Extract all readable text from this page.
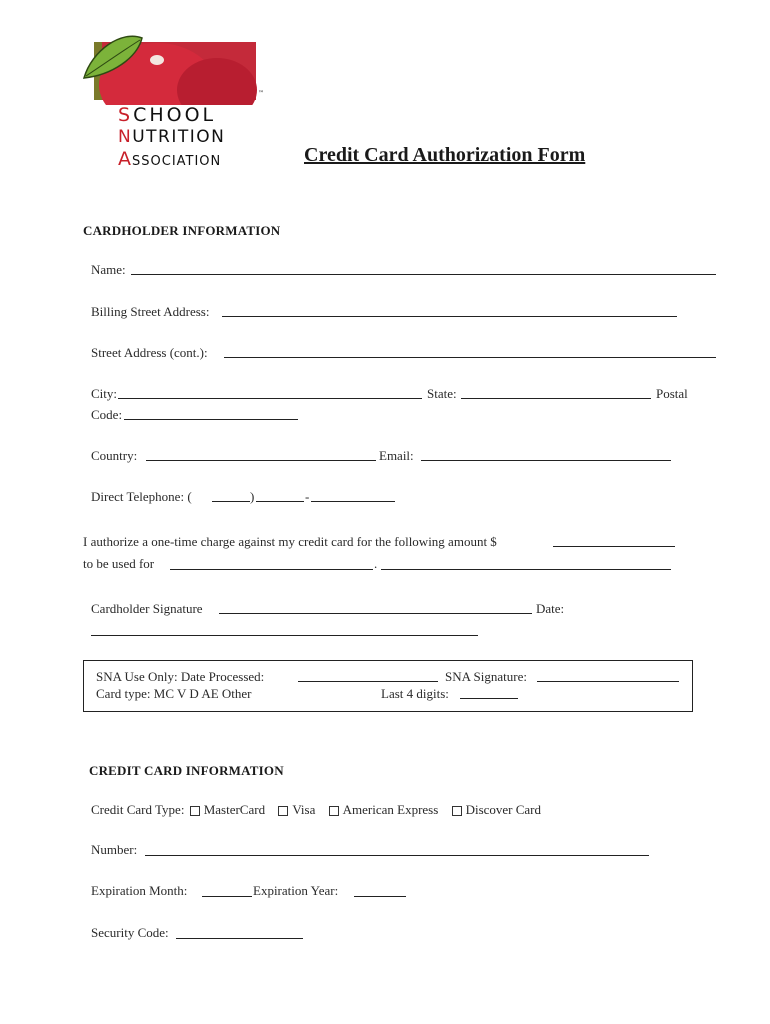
™
SCHOOL
NUTRITION
ASSOCIATION	Credit Card Authorization Form
CARDHOLDER INFORMATION
Name:
Billing Street Address:
Street Address (cont.):
City:	State:	Postal
Code:
Country:	Email:
Direct Telephone: (	)	-
I authorize a one-time charge against my credit card for the following amount $
to be used for	.
Cardholder Signature	Date:
SNA Use Only: Date Processed:	SNA Signature:
Card type: MC V D AE Other	Last 4 digits:
CREDIT CARD INFORMATION
Credit Card Type: MasterCard Visa American Express Discover Card
Number:
Expiration Month:	Expiration Year:
Security Code:
